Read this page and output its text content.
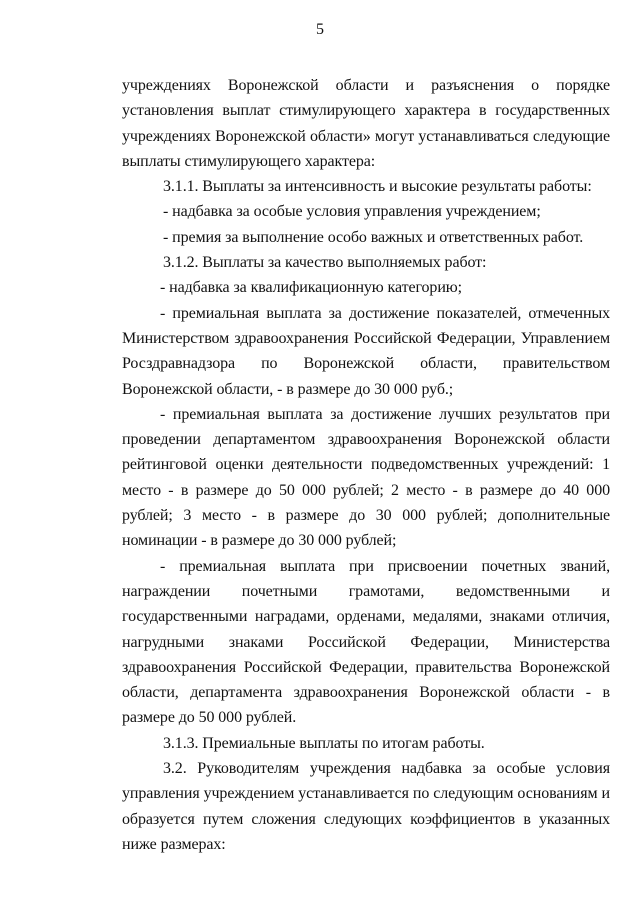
5

учреждениях Воронежской области и разъяснения о порядке установления выплат стимулирующего характера в государственных учреждениях Воронежской области» могут устанавливаться следующие выплаты стимулирующего характера:

3.1.1. Выплаты за интенсивность и высокие результаты работы:

- надбавка за особые условия управления учреждением;

- премия за выполнение особо важных и ответственных работ.

3.1.2. Выплаты за качество выполняемых работ:

- надбавка за квалификационную категорию;

- премиальная выплата за достижение показателей, отмеченных Министерством здравоохранения Российской Федерации, Управлением Росздравнадзора по Воронежской области, правительством Воронежской области, - в размере до 30 000 руб.;

- премиальная выплата за достижение лучших результатов при проведении департаментом здравоохранения Воронежской области рейтинговой оценки деятельности подведомственных учреждений: 1 место - в размере до 50 000 рублей; 2 место - в размере до 40 000 рублей; 3 место - в размере до 30 000 рублей; дополнительные номинации - в размере до 30 000 рублей;

- премиальная выплата при присвоении почетных званий, награждении почетными грамотами, ведомственными и государственными наградами, орденами, медалями, знаками отличия, нагрудными знаками Российской Федерации, Министерства здравоохранения Российской Федерации, правительства Воронежской области, департамента здравоохранения Воронежской области - в размере до 50 000 рублей.

3.1.3. Премиальные выплаты по итогам работы.

3.2. Руководителям учреждения надбавка за особые условия управления учреждением устанавливается по следующим основаниям и образуется путем сложения следующих коэффициентов в указанных ниже размерах:
